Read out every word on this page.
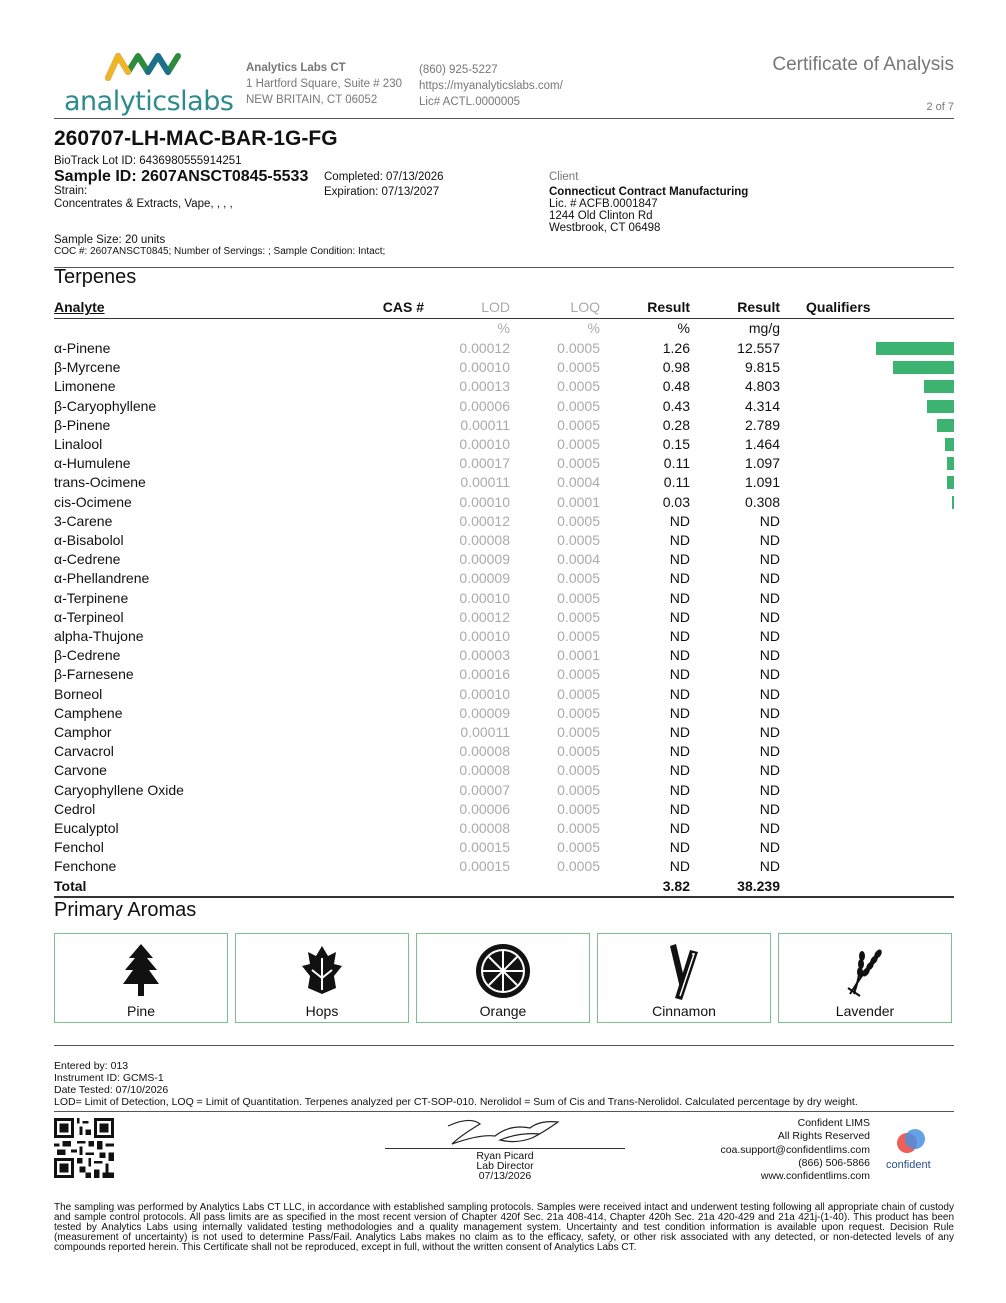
analyticslabs
Analytics Labs CT
1 Hartford Square, Suite # 230
NEW BRITAIN, CT 06052
(860) 925-5227
https://myanalyticslabs.com/
Lic# ACTL.0000005
Certificate of Analysis
2 of 7
260707-LH-MAC-BAR-1G-FG
BioTrack Lot ID: 6436980555914251
Sample ID: 2607ANSCT0845-5533
Strain:
Concentrates & Extracts, Vape, , , ,
Completed: 07/13/2026
Expiration: 07/13/2027
Sample Size: 20 units
COC #: 2607ANSCT0845; Number of Servings: ; Sample Condition: Intact;
Client
Connecticut Contract Manufacturing
Lic. # ACFB.0001847
1244 Old Clinton Rd
Westbrook, CT 06498
Terpenes
Analyte	CAS #	LOD	LOQ	Result	Result	Qualifiers	
		%	%	%	mg/g		
α-Pinene		0.00012	0.0005	1.26	12.557		

β-Myrcene		0.00010	0.0005	0.98	9.815		

Limonene		0.00013	0.0005	0.48	4.803		

β-Caryophyllene		0.00006	0.0005	0.43	4.314		

β-Pinene		0.00011	0.0005	0.28	2.789		

Linalool		0.00010	0.0005	0.15	1.464		

α-Humulene		0.00017	0.0005	0.11	1.097		

trans-Ocimene		0.00011	0.0004	0.11	1.091		

cis-Ocimene		0.00010	0.0001	0.03	0.308		

3-Carene		0.00012	0.0005	ND	ND		
α-Bisabolol		0.00008	0.0005	ND	ND		
α-Cedrene		0.00009	0.0004	ND	ND		
α-Phellandrene		0.00009	0.0005	ND	ND		
α-Terpinene		0.00010	0.0005	ND	ND		
α-Terpineol		0.00012	0.0005	ND	ND		
alpha-Thujone		0.00010	0.0005	ND	ND		
β-Cedrene		0.00003	0.0001	ND	ND		
β-Farnesene		0.00016	0.0005	ND	ND		
Borneol		0.00010	0.0005	ND	ND		
Camphene		0.00009	0.0005	ND	ND		
Camphor		0.00011	0.0005	ND	ND		
Carvacrol		0.00008	0.0005	ND	ND		
Carvone		0.00008	0.0005	ND	ND		
Caryophyllene Oxide		0.00007	0.0005	ND	ND		
Cedrol		0.00006	0.0005	ND	ND		
Eucalyptol		0.00008	0.0005	ND	ND		
Fenchol		0.00015	0.0005	ND	ND		
Fenchone		0.00015	0.0005	ND	ND		
Total				3.82	38.239		
Primary Aromas
Pine	Hops	Orange	Cinnamon	Lavender
Entered by: 013
Instrument ID: GCMS-1
Date Tested: 07/10/2026
LOD= Limit of Detection, LOQ = Limit of Quantitation. Terpenes analyzed per CT-SOP-010. Nerolidol = Sum of Cis and Trans-Nerolidol. Calculated percentage by dry weight.
Ryan Picard
Lab Director
07/13/2026
Confident LIMS
All Rights Reserved
coa.support@confidentlims.com
(866) 506-5866
www.confidentlims.com
confident
The sampling was performed by Analytics Labs CT LLC, in accordance with established sampling protocols. Samples were received intact and underwent testing following all appropriate chain of custody and sample control protocols. All pass limits are as specified in the most recent version of Chapter 420f Sec. 21a 408-414, Chapter 420h Sec. 21a 420-429 and 21a 421j-(1-40). This product has been tested by Analytics Labs using internally validated testing methodologies and a quality management system. Uncertainty and test condition information is available upon request. Decision Rule (measurement of uncertainty) is not used to determine Pass/Fail. Analytics Labs makes no claim as to the efficacy, safety, or other risk associated with any detected, or non-detected levels of any compounds reported herein. This Certificate shall not be reproduced, except in full, without the written consent of Analytics Labs CT.
